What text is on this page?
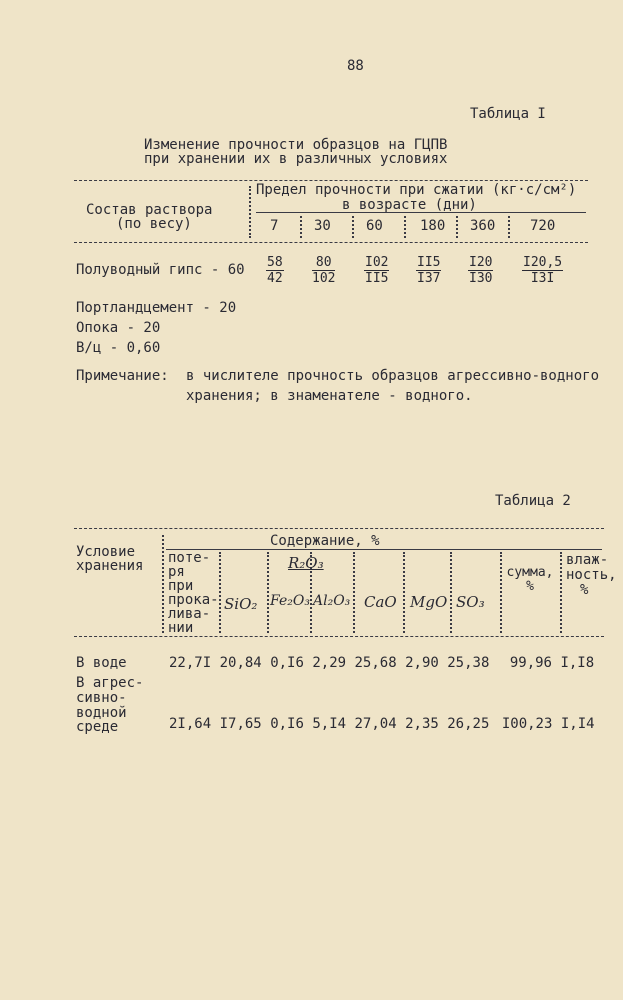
88
Таблица I
Изменение прочности образцов на ГЦПВ
при хранении их в различных условиях
Состав раствора
(по весу)
Предел прочности при сжатии (кг·с/см²)
в возрасте (дни)
7	30	60	180 360 720
Полуводный гипс - $60 \frac{58}{42} \frac{80}{102} \frac{I02}{II5} \frac{II5}{I37} \frac{I20}{I30} \frac{I20,5}{I3I}$
Портландцемент - 20
Опока - 20
В/ц - 0,60
Примечание: в числителе прочность образцов агрессивно-водного
хранения; в знаменателе - водного.
Таблица 2
Условие
хранения
Содержание, %
поте-
ря
при
прока-
лива-
нии
R₂O₃
SiO₂ Fe₂O₃ Al₂O₃ CaO MgO SO₃
сумма, %
влаж-
ность,
%
В воде	22,7I 20,84 0,I6 2,29 25,68 2,90 25,38 99,96 I,I8
В агрес-
сивно-
водной
среде	2I,64 I7,65 0,I6 5,I4 27,04 2,35 26,25 I00,23 I,I4
